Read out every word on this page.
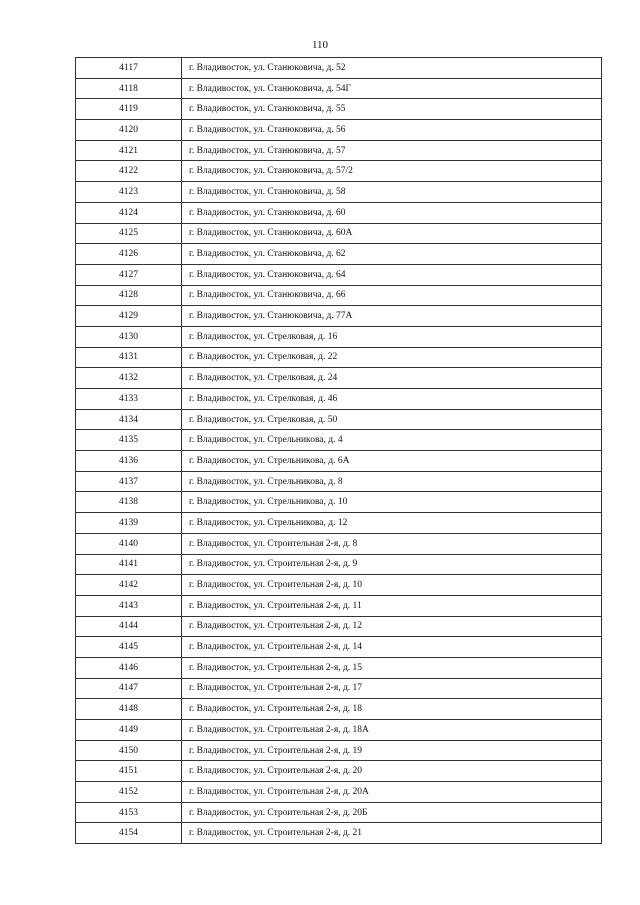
110
4117	г. Владивосток, ул. Станюковича, д. 52
4118	г. Владивосток, ул. Станюковича, д. 54Г
4119	г. Владивосток, ул. Станюковича, д. 55
4120	г. Владивосток, ул. Станюковича, д. 56
4121	г. Владивосток, ул. Станюковича, д. 57
4122	г. Владивосток, ул. Станюковича, д. 57/2
4123	г. Владивосток, ул. Станюковича, д. 58
4124	г. Владивосток, ул. Станюковича, д. 60
4125	г. Владивосток, ул. Станюковича, д. 60А
4126	г. Владивосток, ул. Станюковича, д. 62
4127	г. Владивосток, ул. Станюковича, д. 64
4128	г. Владивосток, ул. Станюковича, д. 66
4129	г. Владивосток, ул. Станюковича, д. 77А
4130	г. Владивосток, ул. Стрелковая, д. 16
4131	г. Владивосток, ул. Стрелковая, д. 22
4132	г. Владивосток, ул. Стрелковая, д. 24
4133	г. Владивосток, ул. Стрелковая, д. 46
4134	г. Владивосток, ул. Стрелковая, д. 50
4135	г. Владивосток, ул. Стрельникова, д. 4
4136	г. Владивосток, ул. Стрельникова, д. 6А
4137	г. Владивосток, ул. Стрельникова, д. 8
4138	г. Владивосток, ул. Стрельникова, д. 10
4139	г. Владивосток, ул. Стрельникова, д. 12
4140	г. Владивосток, ул. Строительная 2-я, д. 8
4141	г. Владивосток, ул. Строительная 2-я, д. 9
4142	г. Владивосток, ул. Строительная 2-я, д. 10
4143	г. Владивосток, ул. Строительная 2-я, д. 11
4144	г. Владивосток, ул. Строительная 2-я, д. 12
4145	г. Владивосток, ул. Строительная 2-я, д. 14
4146	г. Владивосток, ул. Строительная 2-я, д. 15
4147	г. Владивосток, ул. Строительная 2-я, д. 17
4148	г. Владивосток, ул. Строительная 2-я, д. 18
4149	г. Владивосток, ул. Строительная 2-я, д. 18А
4150	г. Владивосток, ул. Строительная 2-я, д. 19
4151	г. Владивосток, ул. Строительная 2-я, д. 20
4152	г. Владивосток, ул. Строительная 2-я, д. 20А
4153	г. Владивосток, ул. Строительная 2-я, д. 20Б
4154	г. Владивосток, ул. Строительная 2-я, д. 21
